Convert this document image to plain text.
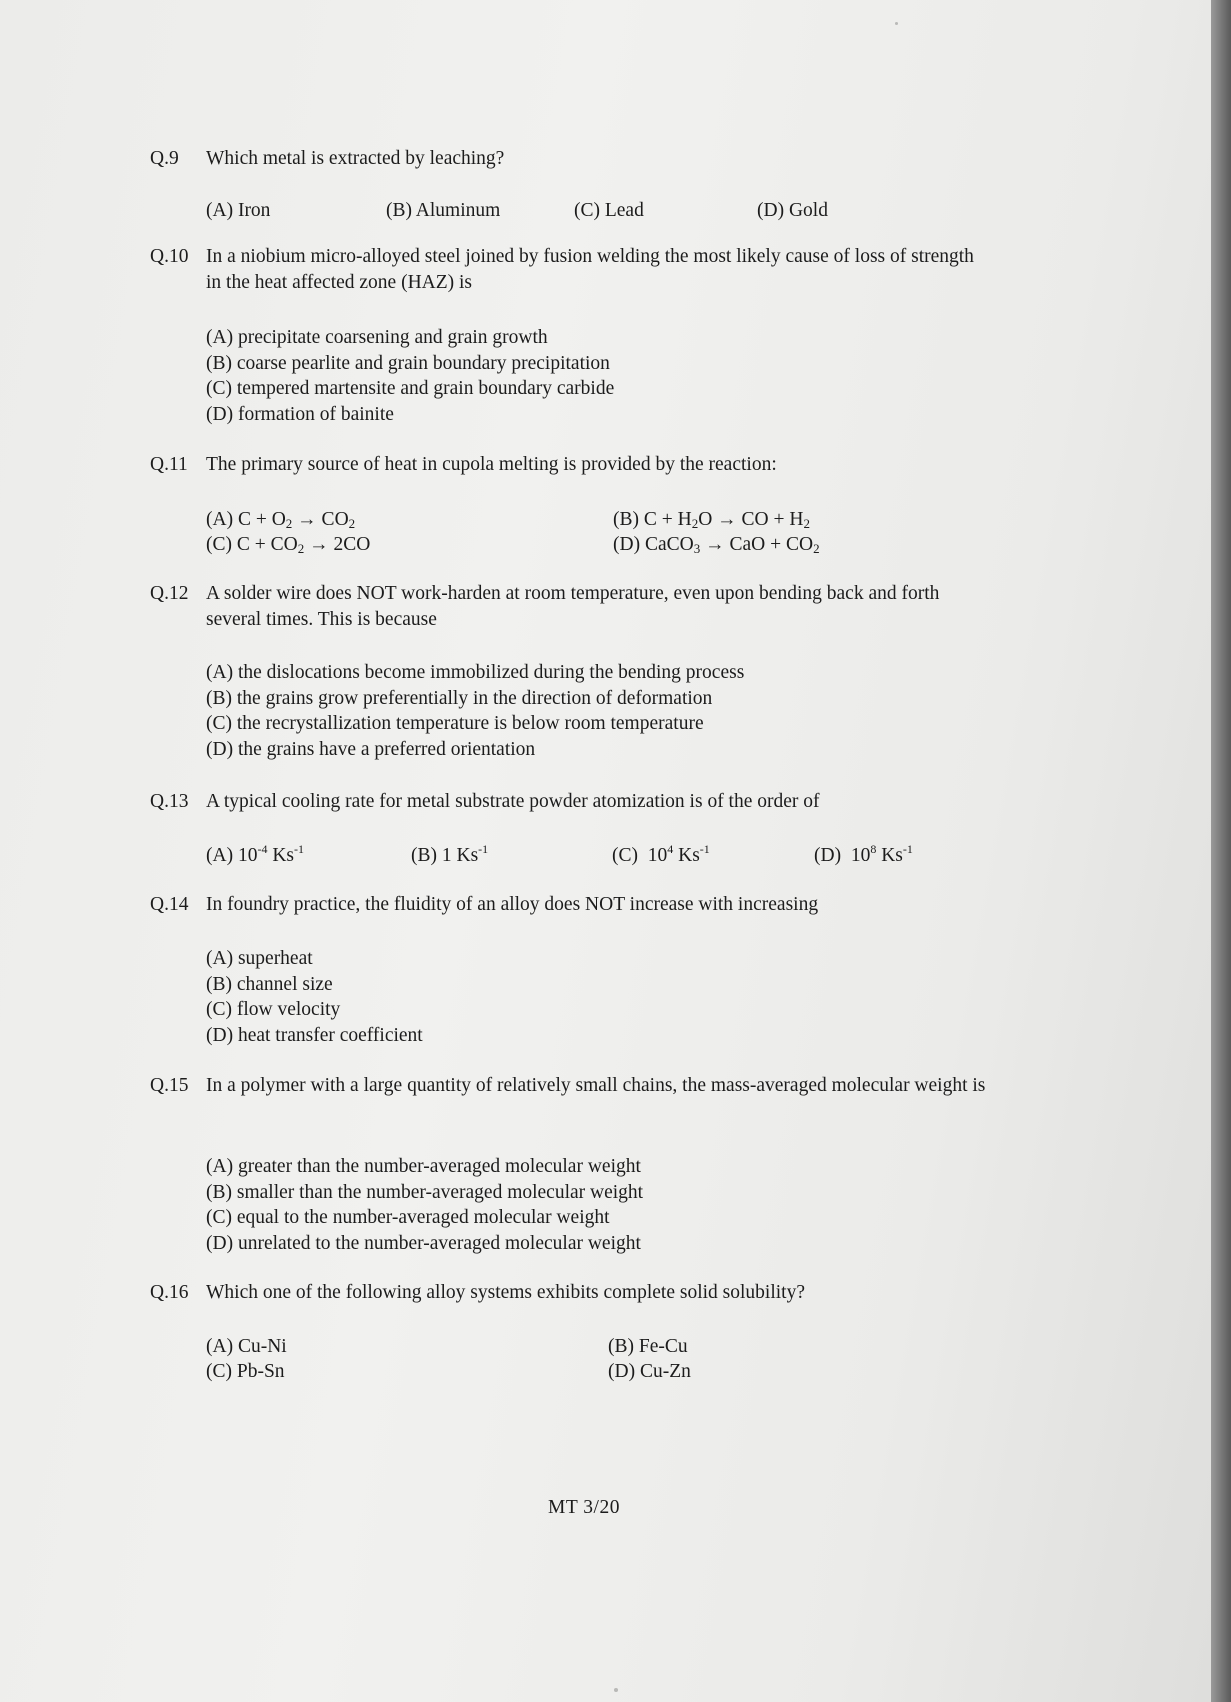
Q.9 Which metal is extracted by leaching?
(A) Iron	(B) Aluminum	(C) Lead	(D) Gold
Q.10 In a niobium micro-alloyed steel joined by fusion welding the most likely cause of loss of strength in the heat affected zone (HAZ) is
(A) precipitate coarsening and grain growth
(B) coarse pearlite and grain boundary precipitation
(C) tempered martensite and grain boundary carbide
(D) formation of bainite
Q.11 The primary source of heat in cupola melting is provided by the reaction:
(A) $C + O_2 \to CO_2$	(B) $C + H_2O$ → CO + $H_2$
(C) $C + CO_2 \to 2CO$	(D) CaCO$_3$ → CaO + $CO_2$
Q.12 A solder wire does NOT work-harden at room temperature, even upon bending back and forth several times. This is because
(A) the dislocations become immobilized during the bending process
(B) the grains grow preferentially in the direction of deformation
(C) the recrystallization temperature is below room temperature
(D) the grains have a preferred orientation
Q.13 A typical cooling rate for metal substrate powder atomization is of the order of
(A) $10^{-4}$ $Ks^{-1}$	(B) 1 $Ks^{-1}$	(C)  $10^4$ $Ks^{-1}$	(D)  $10^8$ $Ks^{-1}$
Q.14 In foundry practice, the fluidity of an alloy does NOT increase with increasing
(A) superheat
(B) channel size
(C) flow velocity
(D) heat transfer coefficient
Q.15 In a polymer with a large quantity of relatively small chains, the mass-averaged molecular weight is
(A) greater than the number-averaged molecular weight
(B) smaller than the number-averaged molecular weight
(C) equal to the number-averaged molecular weight
(D) unrelated to the number-averaged molecular weight
Q.16 Which one of the following alloy systems exhibits complete solid solubility?
(A) Cu-Ni	(B) Fe-Cu
(C) Pb-Sn	(D) Cu-Zn
MT 3/20
